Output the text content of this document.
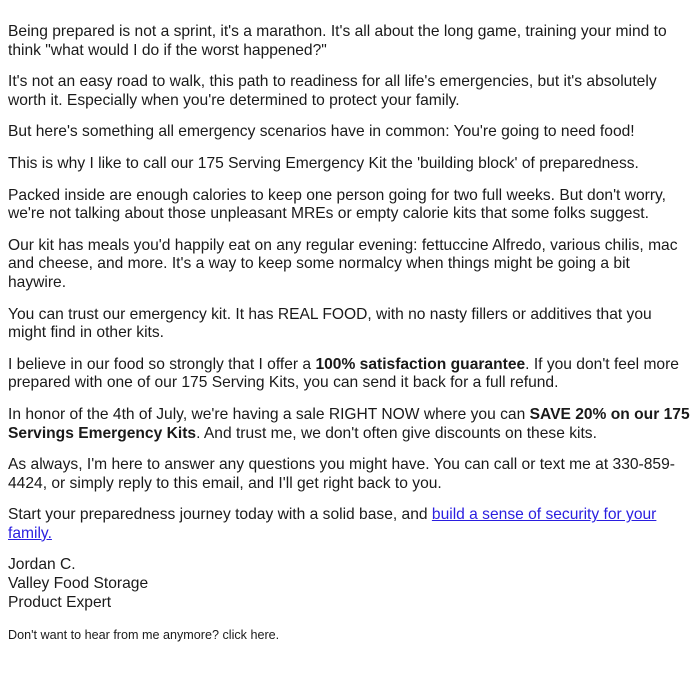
Being prepared is not a sprint, it's a marathon. It's all about the long game, training your mind to think "what would I do if the worst happened?"

It's not an easy road to walk, this path to readiness for all life's emergencies, but it's absolutely worth it. Especially when you're determined to protect your family.

But here's something all emergency scenarios have in common: You're going to need food!

This is why I like to call our 175 Serving Emergency Kit the 'building block' of preparedness.

Packed inside are enough calories to keep one person going for two full weeks. But don't worry, we're not talking about those unpleasant MREs or empty calorie kits that some folks suggest.

Our kit has meals you'd happily eat on any regular evening: fettuccine Alfredo, various chilis, mac and cheese, and more. It's a way to keep some normalcy when things might be going a bit haywire.

You can trust our emergency kit. It has REAL FOOD, with no nasty fillers or additives that you might find in other kits.

I believe in our food so strongly that I offer a 100% satisfaction guarantee. If you don't feel more prepared with one of our 175 Serving Kits, you can send it back for a full refund.

In honor of the 4th of July, we're having a sale RIGHT NOW where you can SAVE 20% on our 175 Servings Emergency Kits. And trust me, we don't often give discounts on these kits.

As always, I'm here to answer any questions you might have. You can call or text me at 330-859-4424, or simply reply to this email, and I'll get right back to you.

Start your preparedness journey today with a solid base, and build a sense of security for your family.

Jordan C.
Valley Food Storage
Product Expert

Don't want to hear from me anymore? click here.
